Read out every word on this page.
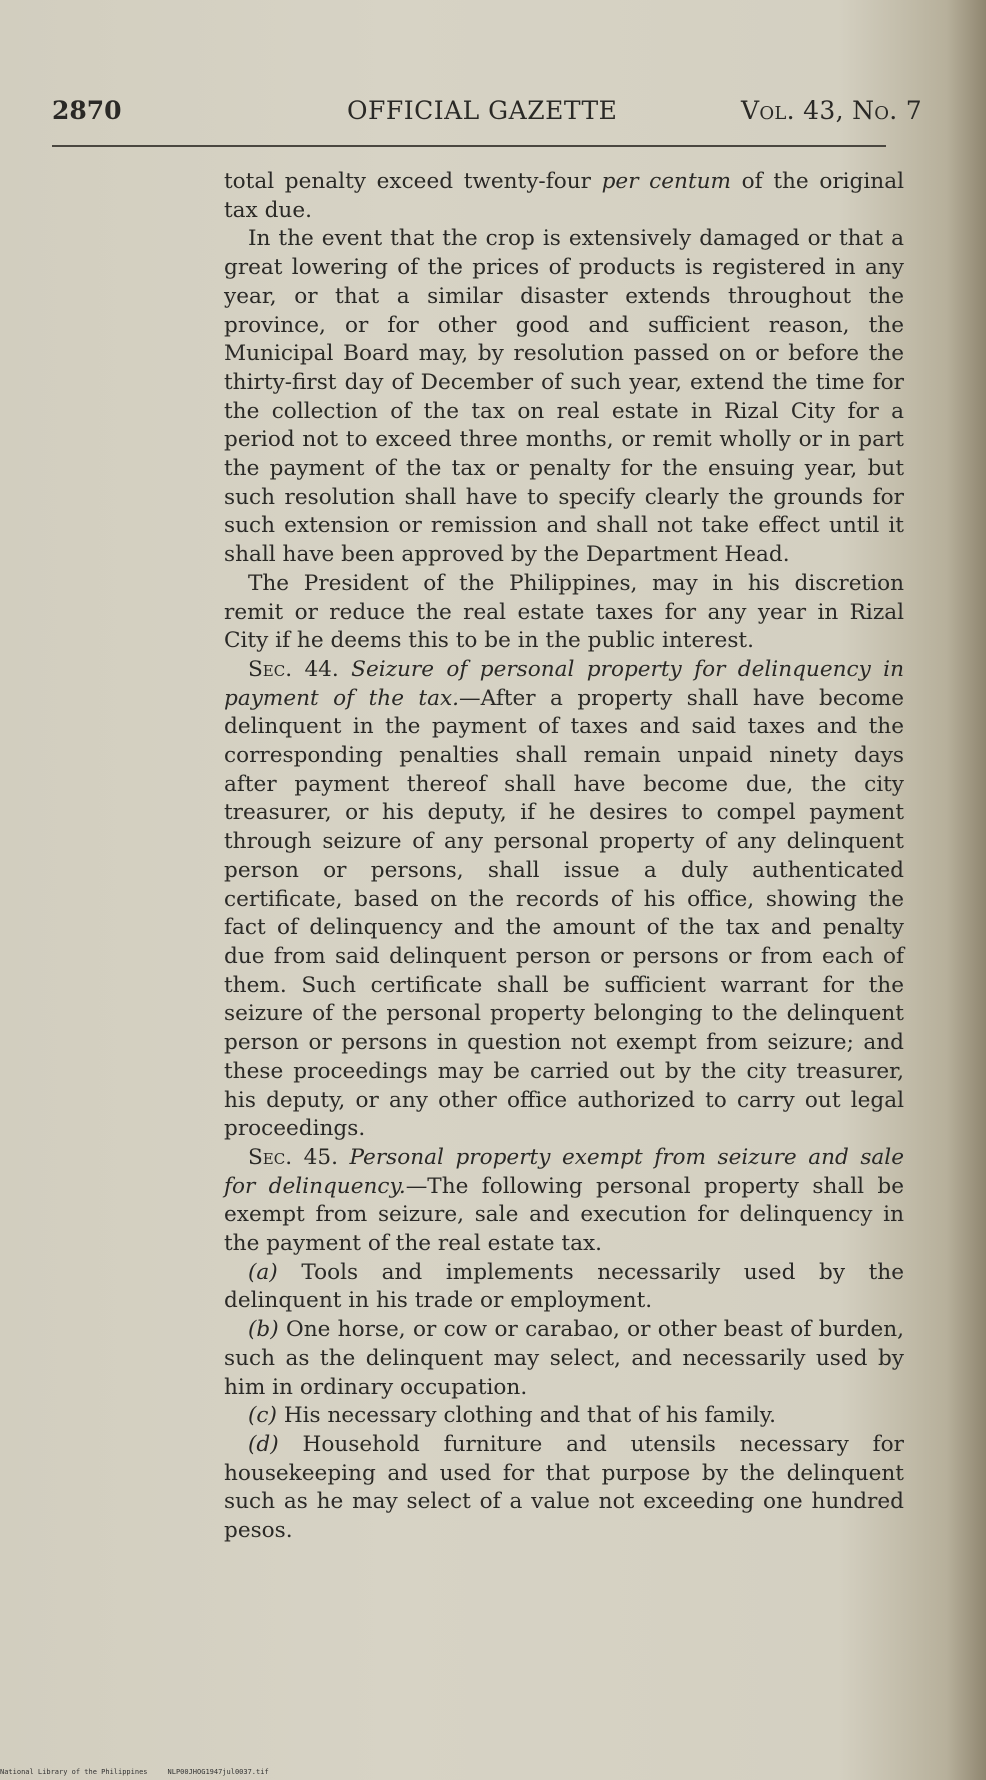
2870	OFFICIAL GAZETTE	Vol. 43, No. 7

total penalty exceed twenty-four per centum of the original tax due.

In the event that the crop is extensively damaged or that a great lowering of the prices of products is registered in any year, or that a similar disaster extends throughout the province, or for other good and sufficient reason, the Municipal Board may, by resolution passed on or before the thirty-first day of December of such year, extend the time for the collection of the tax on real estate in Rizal City for a period not to exceed three months, or remit wholly or in part the payment of the tax or penalty for the ensuing year, but such resolution shall have to specify clearly the grounds for such extension or remission and shall not take effect until it shall have been approved by the Department Head.

The President of the Philippines, may in his discretion remit or reduce the real estate taxes for any year in Rizal City if he deems this to be in the public interest.

Sec. 44. Seizure of personal property for delinquency in payment of the tax.—After a property shall have become delinquent in the payment of taxes and said taxes and the corresponding penalties shall remain unpaid ninety days after payment thereof shall have become due, the city treasurer, or his deputy, if he desires to compel payment through seizure of any personal property of any delinquent person or persons, shall issue a duly authenticated certificate, based on the records of his office, showing the fact of delinquency and the amount of the tax and penalty due from said delinquent person or persons or from each of them. Such certificate shall be sufficient warrant for the seizure of the personal property belonging to the delinquent person or persons in question not exempt from seizure; and these proceedings may be carried out by the city treasurer, his deputy, or any other office authorized to carry out legal proceedings.

Sec. 45. Personal property exempt from seizure and sale for delinquency.—The following personal property shall be exempt from seizure, sale and execution for delinquency in the payment of the real estate tax.

(a) Tools and implements necessarily used by the delinquent in his trade or employment.

(b) One horse, or cow or carabao, or other beast of burden, such as the delinquent may select, and necessarily used by him in ordinary occupation.

(c) His necessary clothing and that of his family.

(d) Household furniture and utensils necessary for housekeeping and used for that purpose by the delinquent such as he may select of a value not exceeding one hundred pesos.

National Library of the Philippines	NLP00JHOG1947jul0037.tif
